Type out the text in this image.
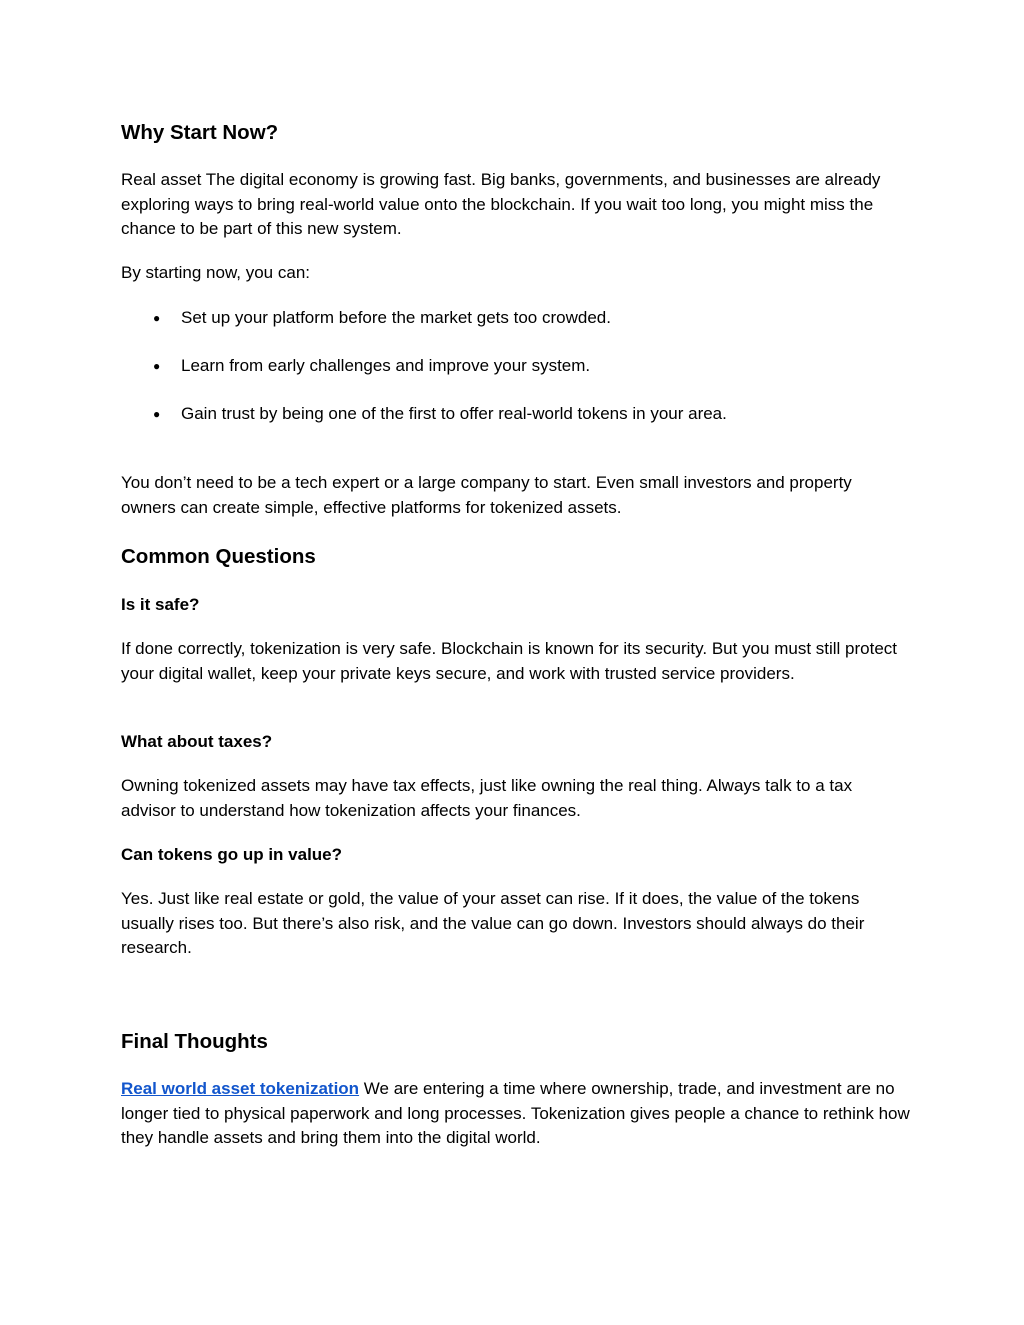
Why Start Now?

Real asset The digital economy is growing fast. Big banks, governments, and businesses are already exploring ways to bring real-world value onto the blockchain. If you wait too long, you might miss the chance to be part of this new system.

By starting now, you can:

● Set up your platform before the market gets too crowded.
● Learn from early challenges and improve your system.
● Gain trust by being one of the first to offer real-world tokens in your area.

You don’t need to be a tech expert or a large company to start. Even small investors and property owners can create simple, effective platforms for tokenized assets.

Common Questions

Is it safe?

If done correctly, tokenization is very safe. Blockchain is known for its security. But you must still protect your digital wallet, keep your private keys secure, and work with trusted service providers.

What about taxes?

Owning tokenized assets may have tax effects, just like owning the real thing. Always talk to a tax advisor to understand how tokenization affects your finances.

Can tokens go up in value?

Yes. Just like real estate or gold, the value of your asset can rise. If it does, the value of the tokens usually rises too. But there’s also risk, and the value can go down. Investors should always do their research.

Final Thoughts

Real world asset tokenization We are entering a time where ownership, trade, and investment are no longer tied to physical paperwork and long processes. Tokenization gives people a chance to rethink how they handle assets and bring them into the digital world.
